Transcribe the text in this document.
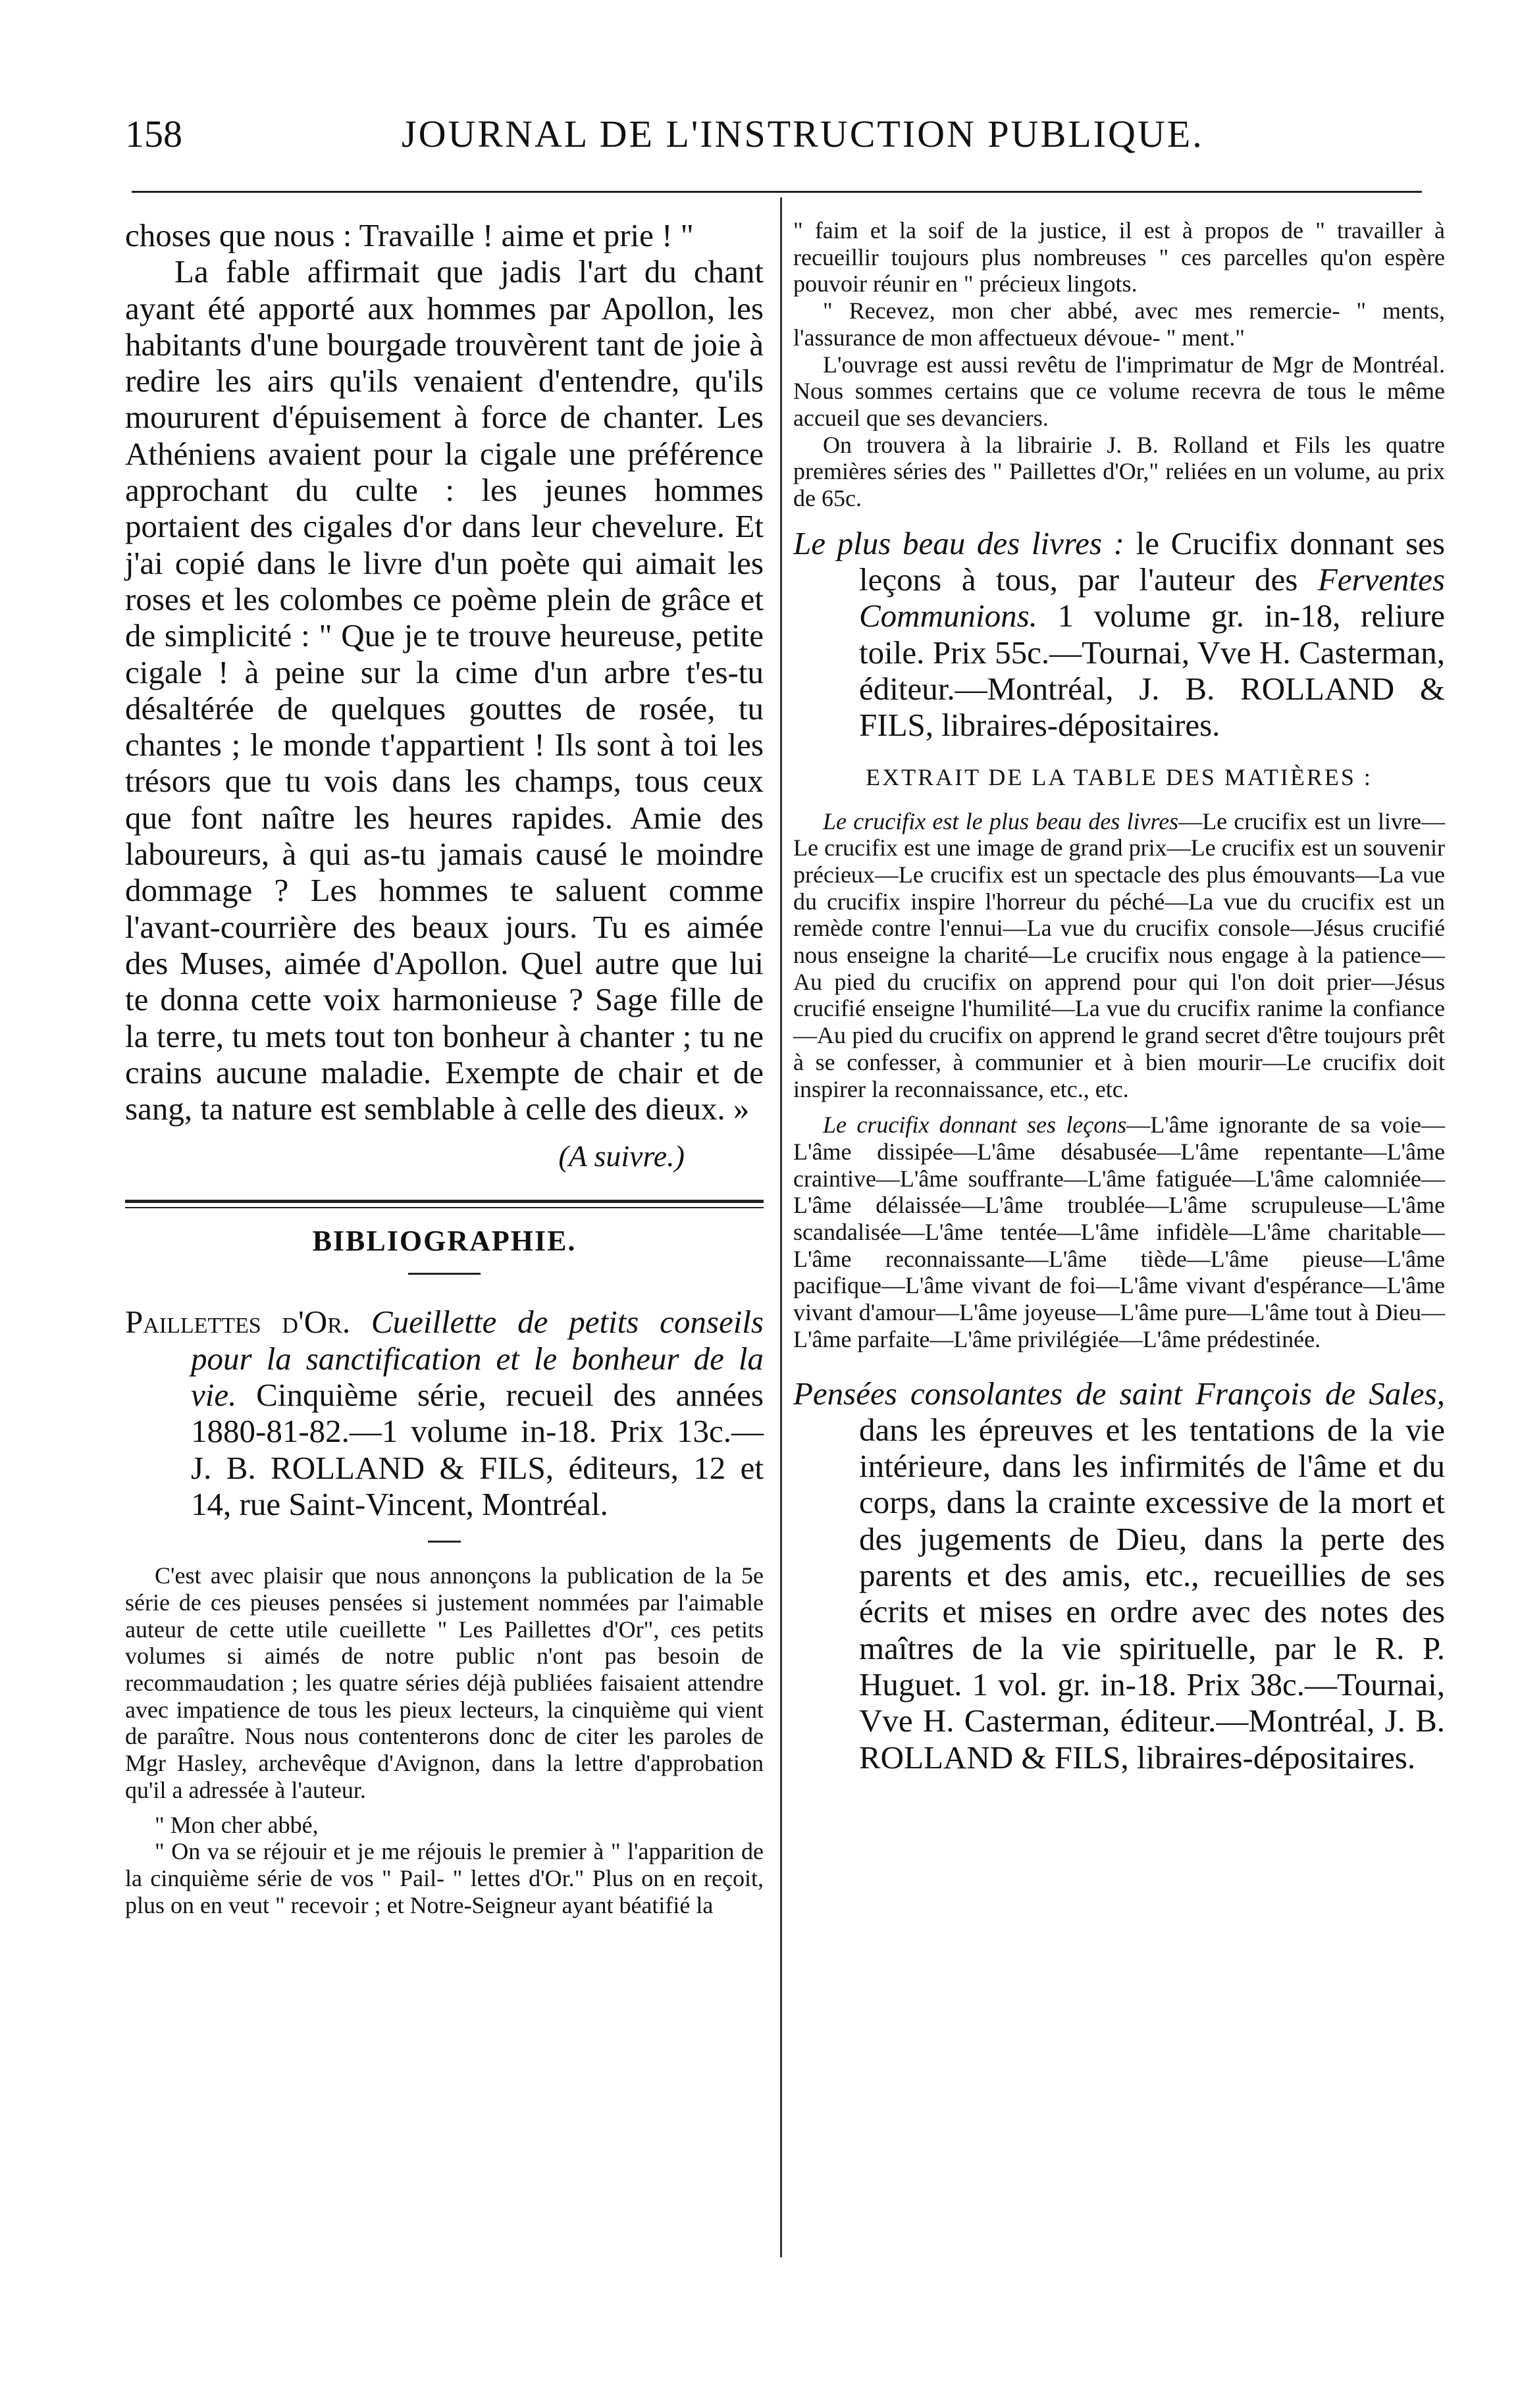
158	JOURNAL DE L'INSTRUCTION PUBLIQUE.

choses que nous : Travaille ! aime et prie ! "

La fable affirmait que jadis l'art du chant ayant été apporté aux hommes par Apollon, les habitants d'une bourgade trouvèrent tant de joie à redire les airs qu'ils venaient d'entendre, qu'ils moururent d'épuisement à force de chanter. Les Athéniens avaient pour la cigale une préférence approchant du culte : les jeunes hommes portaient des cigales d'or dans leur chevelure. Et j'ai copié dans le livre d'un poète qui aimait les roses et les colombes ce poème plein de grâce et de simplicité : " Que je te trouve heureuse, petite cigale ! à peine sur la cime d'un arbre t'es-tu désaltérée de quelques gouttes de rosée, tu chantes ; le monde t'appartient ! Ils sont à toi les trésors que tu vois dans les champs, tous ceux que font naître les heures rapides. Amie des laboureurs, à qui as-tu jamais causé le moindre dommage ? Les hommes te saluent comme l'avant-courrière des beaux jours. Tu es aimée des Muses, aimée d'Apollon. Quel autre que lui te donna cette voix harmonieuse ? Sage fille de la terre, tu mets tout ton bonheur à chanter ; tu ne crains aucune maladie. Exempte de chair et de sang, ta nature est semblable à celle des dieux. »

(A suivre.)

BIBLIOGRAPHIE.

Paillettes d'Or. Cueillette de petits conseils pour la sanctification et le bonheur de la vie. Cinquième série, recueil des années 1880-81-82.—1 volume in-18. Prix 13c.—J. B. ROLLAND & FILS, éditeurs, 12 et 14, rue Saint-Vincent, Montréal.

C'est avec plaisir que nous annonçons la publication de la 5e série de ces pieuses pensées si justement nommées par l'aimable auteur de cette utile cueillette " Les Paillettes d'Or", ces petits volumes si aimés de notre public n'ont pas besoin de recommaudation ; les quatre séries déjà publiées faisaient attendre avec impatience de tous les pieux lecteurs, la cinquième qui vient de paraître. Nous nous contenterons donc de citer les paroles de Mgr Hasley, archevêque d'Avignon, dans la lettre d'approbation qu'il a adressée à l'auteur.

" Mon cher abbé,

" On va se réjouir et je me réjouis le premier à " l'apparition de la cinquième série de vos " Pail- " lettes d'Or." Plus on en reçoit, plus on en veut " recevoir ; et Notre-Seigneur ayant béatifié la

" faim et la soif de la justice, il est à propos de " travailler à recueillir toujours plus nombreuses " ces parcelles qu'on espère pouvoir réunir en " précieux lingots.

" Recevez, mon cher abbé, avec mes remercie- " ments, l'assurance de mon affectueux dévoue- " ment."

L'ouvrage est aussi revêtu de l'imprimatur de Mgr de Montréal. Nous sommes certains que ce volume recevra de tous le même accueil que ses devanciers.

On trouvera à la librairie J. B. Rolland et Fils les quatre premières séries des " Paillettes d'Or," reliées en un volume, au prix de 65c.

Le plus beau des livres : le Crucifix donnant ses leçons à tous, par l'auteur des Ferventes Communions. 1 volume gr. in-18, reliure toile. Prix 55c.—Tournai, Vve H. Casterman, éditeur.—Montréal, J. B. ROLLAND & FILS, libraires-dépositaires.

EXTRAIT DE LA TABLE DES MATIÈRES :

Le crucifix est le plus beau des livres—Le crucifix est un livre—Le crucifix est une image de grand prix—Le crucifix est un souvenir précieux—Le crucifix est un spectacle des plus émouvants—La vue du crucifix inspire l'horreur du péché—La vue du crucifix est un remède contre l'ennui—La vue du crucifix console—Jésus crucifié nous enseigne la charité—Le crucifix nous engage à la patience—Au pied du crucifix on apprend pour qui l'on doit prier—Jésus crucifié enseigne l'humilité—La vue du crucifix ranime la confiance—Au pied du crucifix on apprend le grand secret d'être toujours prêt à se confesser, à communier et à bien mourir—Le crucifix doit inspirer la reconnaissance, etc., etc.

Le crucifix donnant ses leçons—L'âme ignorante de sa voie—L'âme dissipée—L'âme désabusée—L'âme repentante—L'âme craintive—L'âme souffrante—L'âme fatiguée—L'âme calomniée—L'âme délaissée—L'âme troublée—L'âme scrupuleuse—L'âme scandalisée—L'âme tentée—L'âme infidèle—L'âme charitable—L'âme reconnaissante—L'âme tiède—L'âme pieuse—L'âme pacifique—L'âme vivant de foi—L'âme vivant d'espérance—L'âme vivant d'amour—L'âme joyeuse—L'âme pure—L'âme tout à Dieu—L'âme parfaite—L'âme privilégiée—L'âme prédestinée.

Pensées consolantes de saint François de Sales, dans les épreuves et les tentations de la vie intérieure, dans les infirmités de l'âme et du corps, dans la crainte excessive de la mort et des jugements de Dieu, dans la perte des parents et des amis, etc., recueillies de ses écrits et mises en ordre avec des notes des maîtres de la vie spirituelle, par le R. P. Huguet. 1 vol. gr. in-18. Prix 38c.—Tournai, Vve H. Casterman, éditeur.—Montréal, J. B. ROLLAND & FILS, libraires-dépositaires.
